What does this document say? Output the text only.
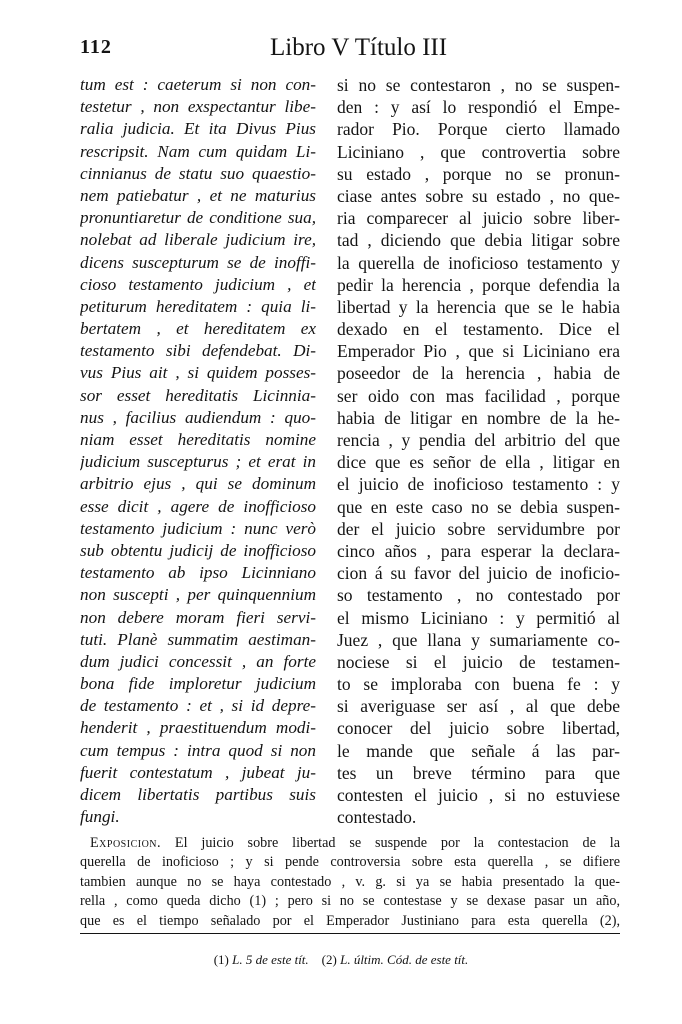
112	Libro V Título III
tum est : caeterum si non con-
testetur , non exspectantur libe-
ralia judicia. Et ita Divus Pius
rescripsit. Nam cum quidam Li-
cinnianus de statu suo quaestio-
nem patiebatur , et ne maturius
pronuntiaretur de conditione sua,
nolebat ad liberale judicium ire,
dicens suscepturum se de inoffi-
cioso testamento judicium , et
petiturum hereditatem : quia li-
bertatem , et hereditatem ex
testamento sibi defendebat. Di-
vus Pius ait , si quidem posses-
sor esset hereditatis Licinnia-
nus , facilius audiendum : quo-
niam esset hereditatis nomine
judicium suscepturus ; et erat in
arbitrio ejus , qui se dominum
esse dicit , agere de inofficioso
testamento judicium : nunc verò
sub obtentu judicij de inofficioso
testamento ab ipso Licinniano
non suscepti , per quinquennium
non debere moram fieri servi-
tuti. Planè summatim aestiman-
dum judici concessit , an forte
bona fide imploretur judicium
de testamento : et , si id depre-
henderit , praestituendum modi-
cum tempus : intra quod si non
fuerit contestatum , jubeat ju-
dicem libertatis partibus suis
fungi.
si no se contestaron , no se suspen-
den : y así lo respondió el Empe-
rador Pio. Porque cierto llamado
Liciniano , que controvertia sobre
su estado , porque no se pronun-
ciase antes sobre su estado , no que-
ria comparecer al juicio sobre liber-
tad , diciendo que debia litigar sobre
la querella de inoficioso testamento y
pedir la herencia , porque defendia la
libertad y la herencia que se le habia
dexado en el testamento. Dice el
Emperador Pio , que si Liciniano era
poseedor de la herencia , habia de
ser oido con mas facilidad , porque
habia de litigar en nombre de la he-
rencia , y pendia del arbitrio del que
dice que es señor de ella , litigar en
el juicio de inoficioso testamento : y
que en este caso no se debia suspen-
der el juicio sobre servidumbre por
cinco años , para esperar la declara-
cion á su favor del juicio de inoficio-
so testamento , no contestado por
el mismo Liciniano : y permitió al
Juez , que llana y sumariamente co-
nociese si el juicio de testamen-
to se imploraba con buena fe : y
si averiguase ser así , al que debe
conocer del juicio sobre libertad,
le mande que señale á las par-
tes un breve término para que
contesten el juicio , si no estuviese
contestado.
Exposicion. El juicio sobre libertad se suspende por la contestacion de la
querella de inoficioso ; y si pende controversia sobre esta querella , se difiere
tambien aunque no se haya contestado , v. g. si ya se habia presentado la que-
rella , como queda dicho (1) ; pero si no se contestase y se dexase pasar un año,
que es el tiempo señalado por el Emperador Justiniano para esta querella (2),
(1) L. 5 de este tít. (2) L. últim. Cód. de este tít.
